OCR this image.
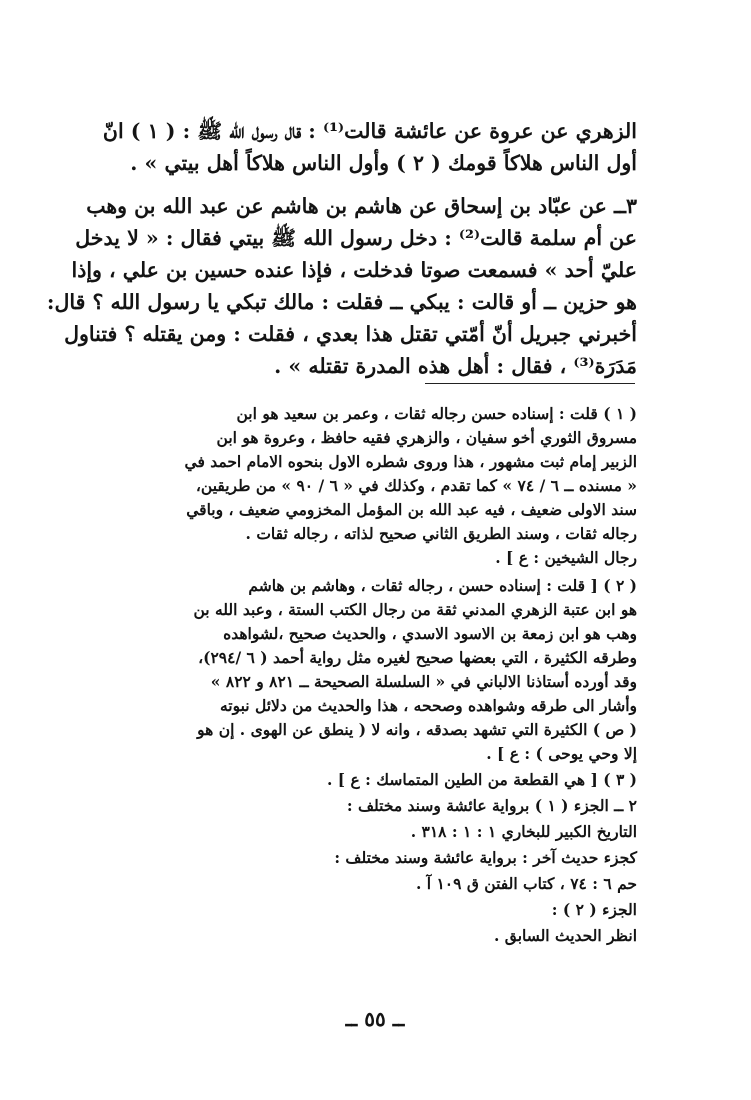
الزهري عن عروة عن عائشة قالت⁽¹⁾ : قال رسول الله ﷺ : ( ١ ) انّ
أول الناس هلاكاً قومك ( ٢ ) وأول الناس هلاكاً أهل بيتي » .
٣ــ عن عبّاد بن إسحاق عن هاشم بن هاشم عن عبد الله بن وهب
عن أم سلمة قالت⁽²⁾ : دخل رسول الله ﷺ بيتي فقال : « لا يدخل
عليّ أحد » فسمعت صوتا فدخلت ، فإذا عنده حسين بن علي ، وإذا
هو حزين ــ أو قالت : يبكي ــ فقلت : مالك تبكي يا رسول الله ؟ قال:
أخبرني جبريل أنّ أمّتي تقتل هذا بعدي ، فقلت : ومن يقتله ؟ فتناول
مَدَرَة⁽³⁾ ، فقال : أهل هذه المدرة تقتله » .
( ١ ) قلت : إسناده حسن رجاله ثقات ، وعمر بن سعيد هو ابن
مسروق الثوري أخو سفيان ، والزهري فقيه حافظ ، وعروة هو ابن
الزبير إمام ثبت مشهور ، هذا وروى شطره الاول بنحوه الامام احمد في
« مسنده ــ ٦ / ٧٤ » كما تقدم ، وكذلك في « ٦ / ٩٠ » من طريقين،
سند الاولى ضعيف ، فيه عبد الله بن المؤمل المخزومي ضعيف ، وباقي
رجاله ثقات ، وسند الطريق الثاني صحيح لذاته ، رجاله ثقات .
رجال الشيخين : ع ] .
( ٢ ) [ قلت : إسناده حسن ، رجاله ثقات ، وهاشم بن هاشم
هو ابن عتبة الزهري المدني ثقة من رجال الكتب الستة ، وعبد الله بن
وهب هو ابن زمعة بن الاسود الاسدي ، والحديث صحيح ،لشواهده
وطرقه الكثيرة ، التي بعضها صحيح لغيره مثل رواية أحمد ( ٦ /٢٩٤)،
وقد أورده أستاذنا الالباني في « السلسلة الصحيحة ــ ٨٢١ و ٨٢٢ »
وأشار الى طرقه وشواهده وصححه ، هذا والحديث من دلائل نبوته
( ص ) الكثيرة التي تشهد بصدقه ، وانه لا ( ينطق عن الهوى . إن هو
إلا وحي يوحى ) : ع ] .
( ٣ ) [ هي القطعة من الطين المتماسك : ع ] .
٢ ــ الجزء ( ١ ) برواية عائشة وسند مختلف :
التاريخ الكبير للبخاري ١ : ١ : ٣١٨ .
كجزء حديث آخر : برواية عائشة وسند مختلف :
حم ٦ : ٧٤ ، كتاب الفتن ق ١٠٩ آ .
الجزء ( ٢ ) :
انظر الحديث السابق .
ــ ٥٥ ــ
